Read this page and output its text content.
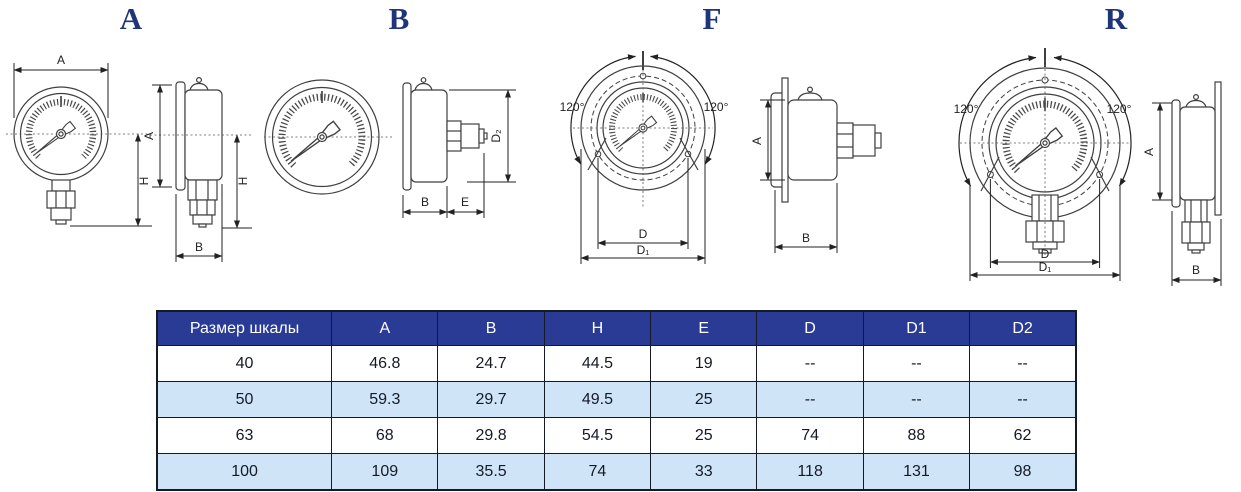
A	B	F	R
A
H
A
H
B
D₂
B	E
120°	120°
D
D₁
A
B
120°	120°
D
D₁
A
B
Размер шкалы	A	B	H	E	D	D1	D2
40	46.8	24.7	44.5	19	--	--	--
50	59.3	29.7	49.5	25	--	--	--
63	68	29.8	54.5	25	74	88	62
100	109	35.5	74	33	118	131	98
